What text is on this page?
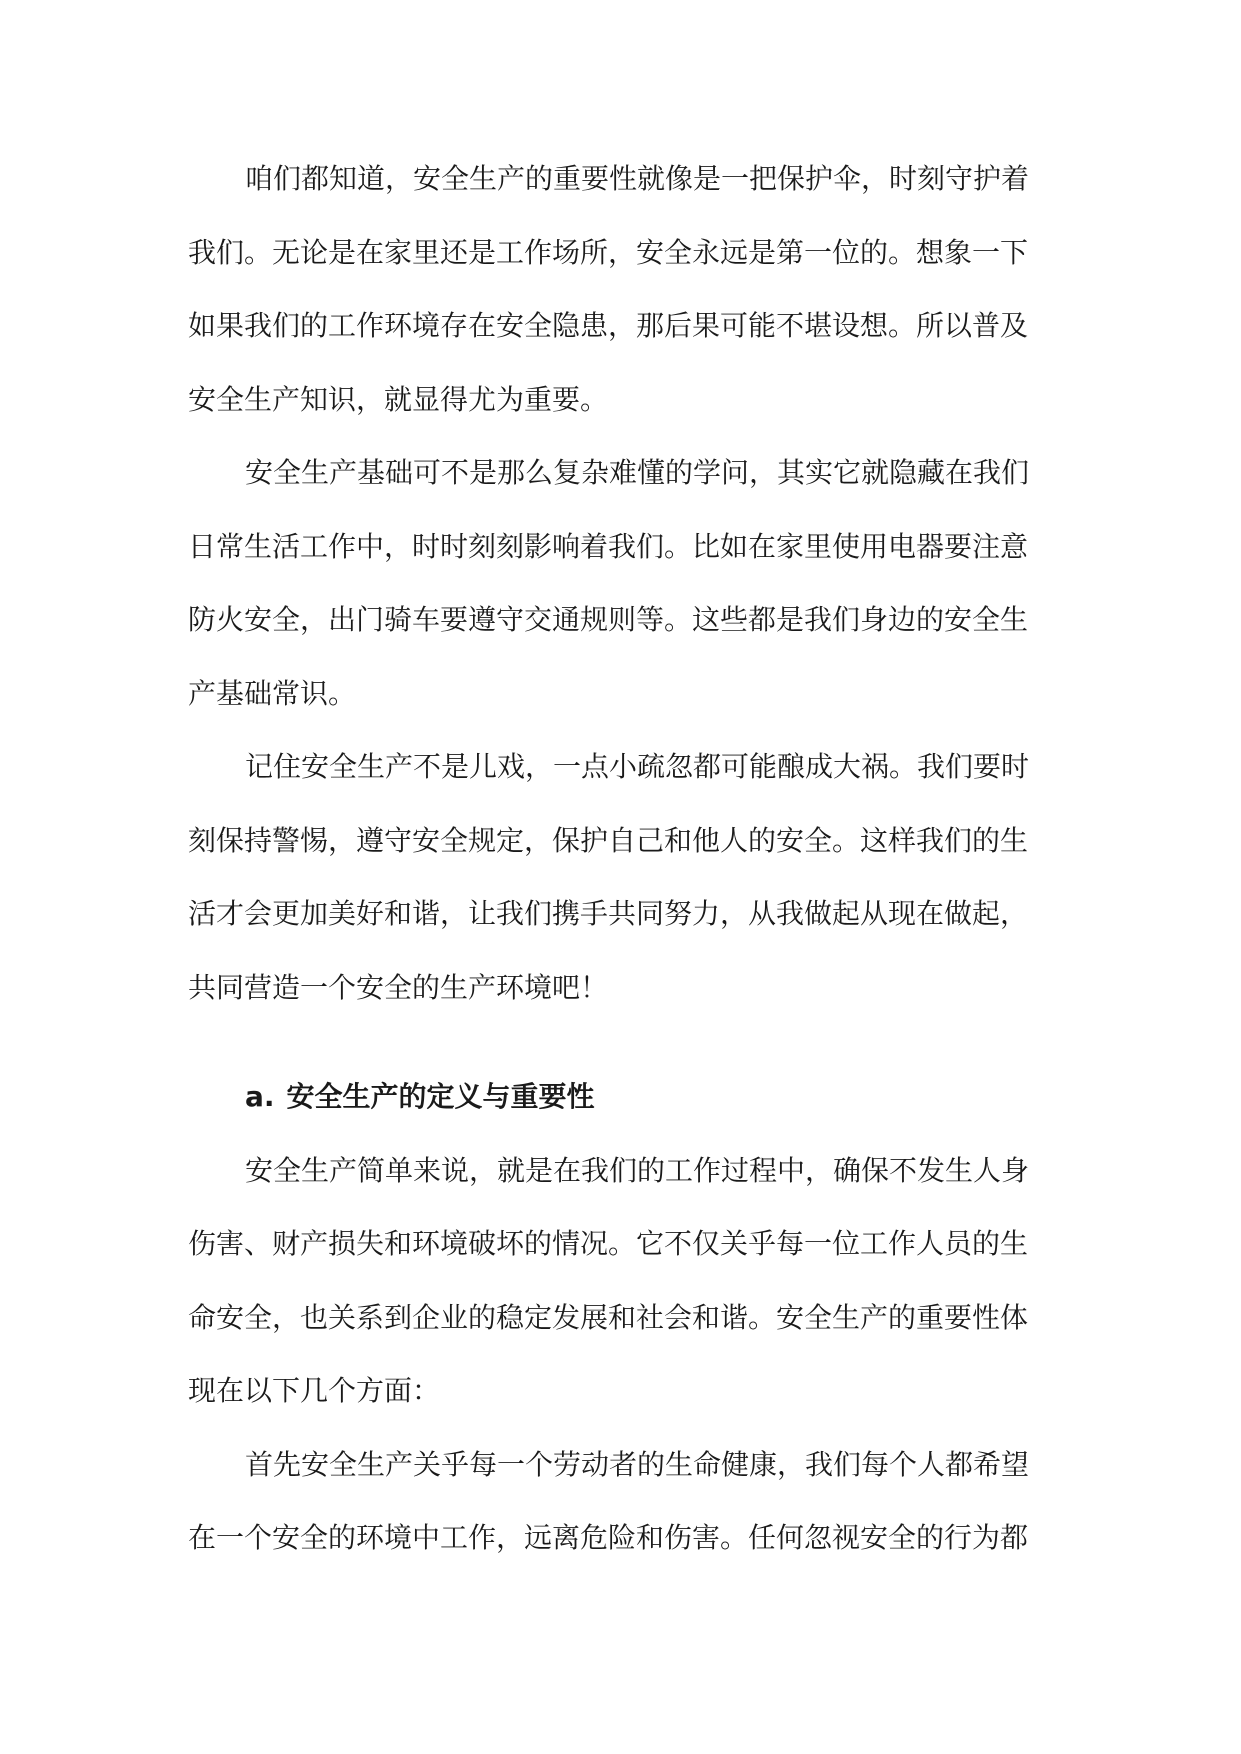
咱们都知道，安全生产的重要性就像是一把保护伞，时刻守护着
我们。无论是在家里还是工作场所，安全永远是第一位的。想象一下
如果我们的工作环境存在安全隐患，那后果可能不堪设想。所以普及
安全生产知识，就显得尤为重要。
安全生产基础可不是那么复杂难懂的学问，其实它就隐藏在我们
日常生活工作中，时时刻刻影响着我们。比如在家里使用电器要注意
防火安全，出门骑车要遵守交通规则等。这些都是我们身边的安全生
产基础常识。
记住安全生产不是儿戏，一点小疏忽都可能酿成大祸。我们要时
刻保持警惕，遵守安全规定，保护自己和他人的安全。这样我们的生
活才会更加美好和谐，让我们携手共同努力，从我做起从现在做起，
共同营造一个安全的生产环境吧！
a. 安全生产的定义与重要性
安全生产简单来说，就是在我们的工作过程中，确保不发生人身
伤害、财产损失和环境破坏的情况。它不仅关乎每一位工作人员的生
命安全，也关系到企业的稳定发展和社会和谐。安全生产的重要性体
现在以下几个方面：
首先安全生产关乎每一个劳动者的生命健康，我们每个人都希望
在一个安全的环境中工作，远离危险和伤害。任何忽视安全的行为都
